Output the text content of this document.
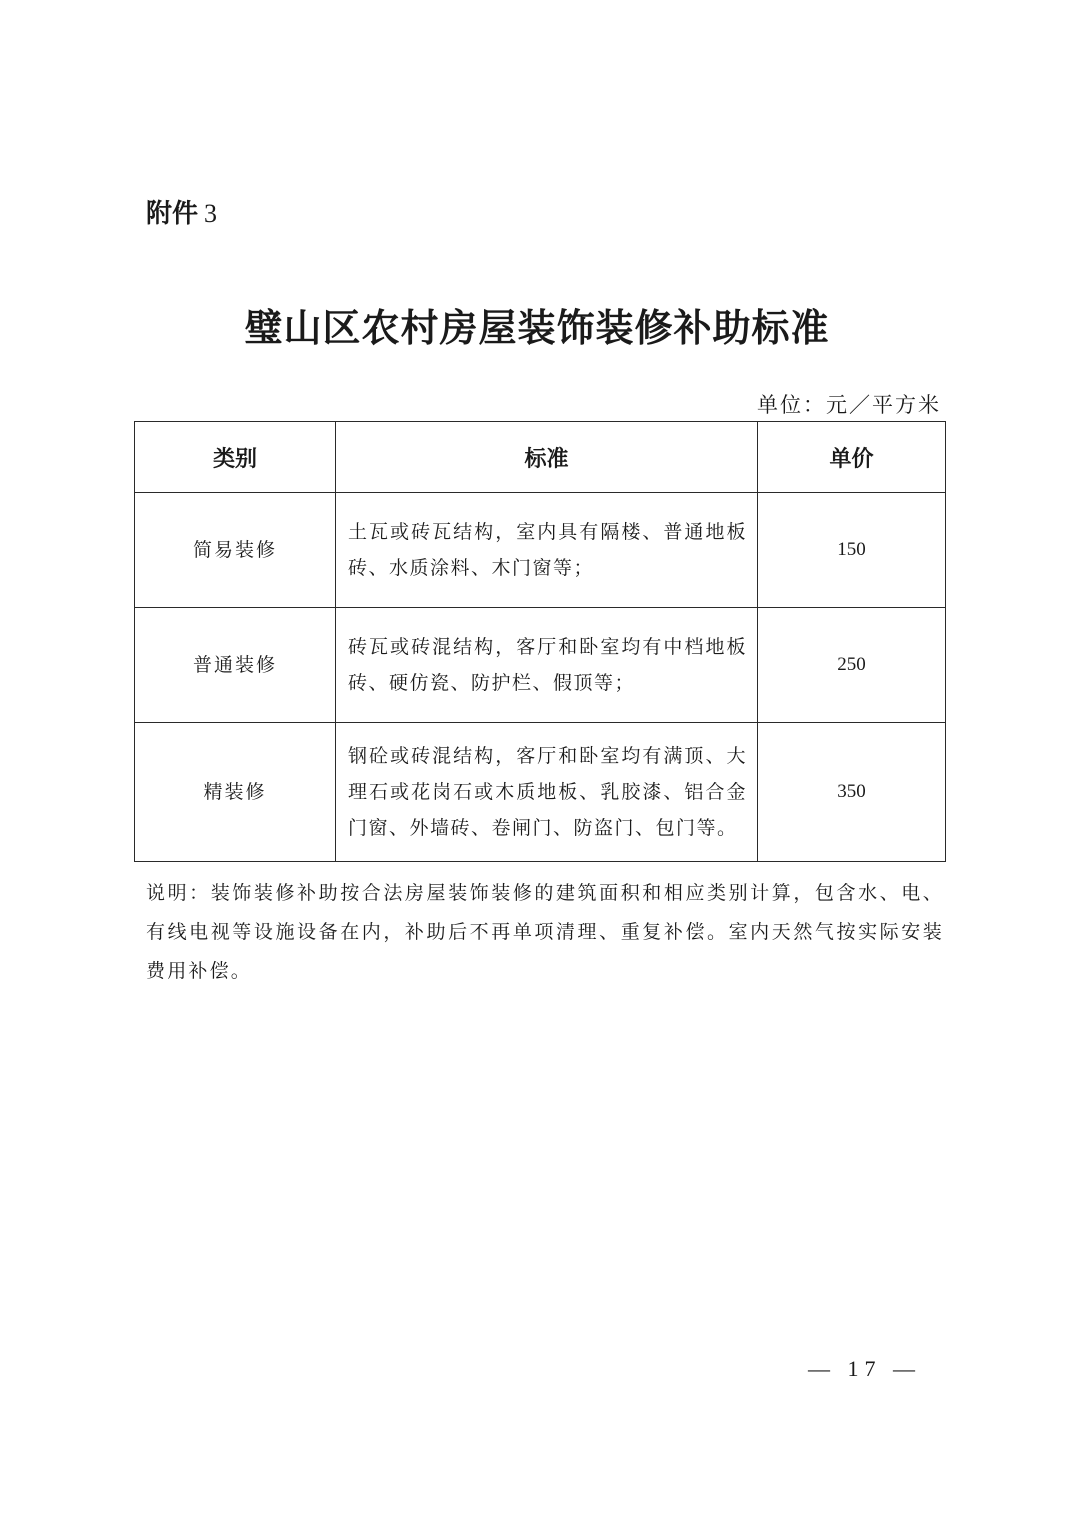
附件 3
璧山区农村房屋装饰装修补助标准
单位：元／平方米
类别	标准	单价
简易装修	土瓦或砖瓦结构，室内具有隔楼、普通地板砖、水质涂料、木门窗等；	150
普通装修	砖瓦或砖混结构，客厅和卧室均有中档地板砖、硬仿瓷、防护栏、假顶等；	250
精装修	钢砼或砖混结构，客厅和卧室均有满顶、大理石或花岗石或木质地板、乳胶漆、铝合金门窗、外墙砖、卷闸门、防盗门、包门等。	350
说明：装饰装修补助按合法房屋装饰装修的建筑面积和相应类别计算，包含水、电、有线电视等设施设备在内，补助后不再单项清理、重复补偿。室内天然气按实际安装费用补偿。
— 17 —
